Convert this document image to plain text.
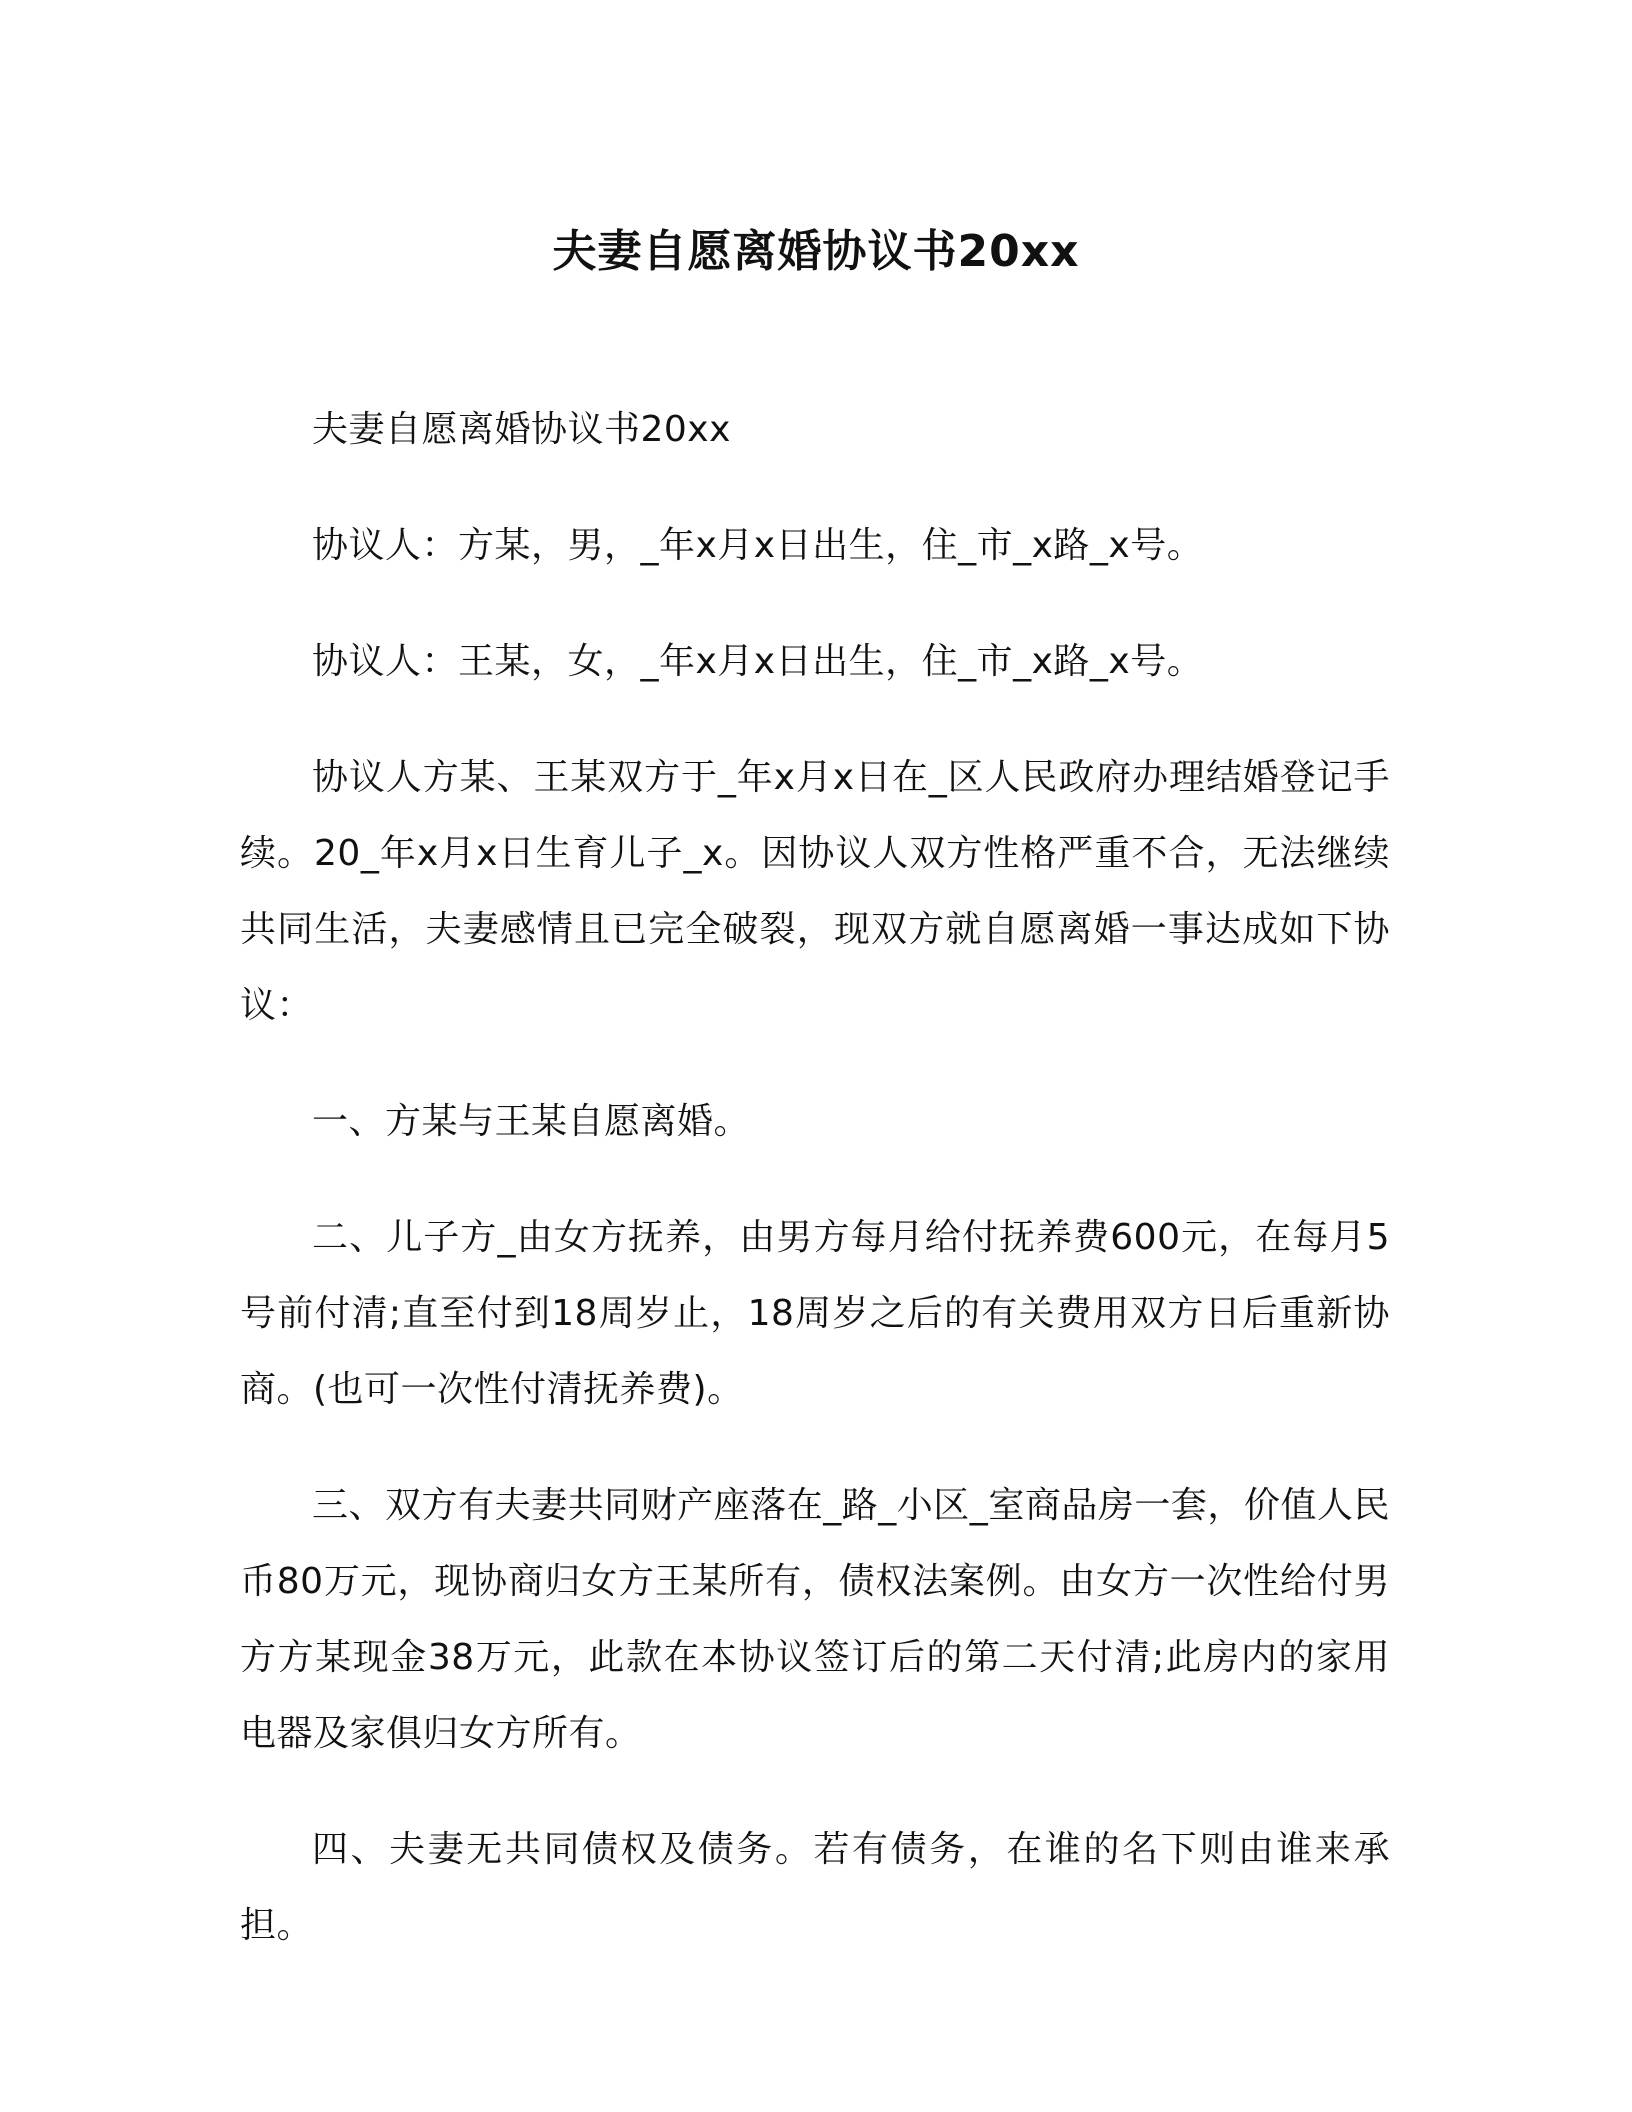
夫妻自愿离婚协议书20xx

夫妻自愿离婚协议书20xx

协议人：方某，男，_年x月x日出生，住_市_x路_x号。

协议人：王某，女，_年x月x日出生，住_市_x路_x号。

协议人方某、王某双方于_年x月x日在_区人民政府办理结婚登记手续。20_年x月x日生育儿子_x。因协议人双方性格严重不合，无法继续共同生活，夫妻感情且已完全破裂，现双方就自愿离婚一事达成如下协议：

一、方某与王某自愿离婚。

二、儿子方_由女方抚养，由男方每月给付抚养费600元，在每月5号前付清;直至付到18周岁止，18周岁之后的有关费用双方日后重新协商。(也可一次性付清抚养费)。

三、双方有夫妻共同财产座落在_路_小区_室商品房一套，价值人民币80万元，现协商归女方王某所有，债权法案例。由女方一次性给付男方方某现金38万元，此款在本协议签订后的第二天付清;此房内的家用电器及家俱归女方所有。

四、夫妻无共同债权及债务。若有债务，在谁的名下则由谁来承担。
